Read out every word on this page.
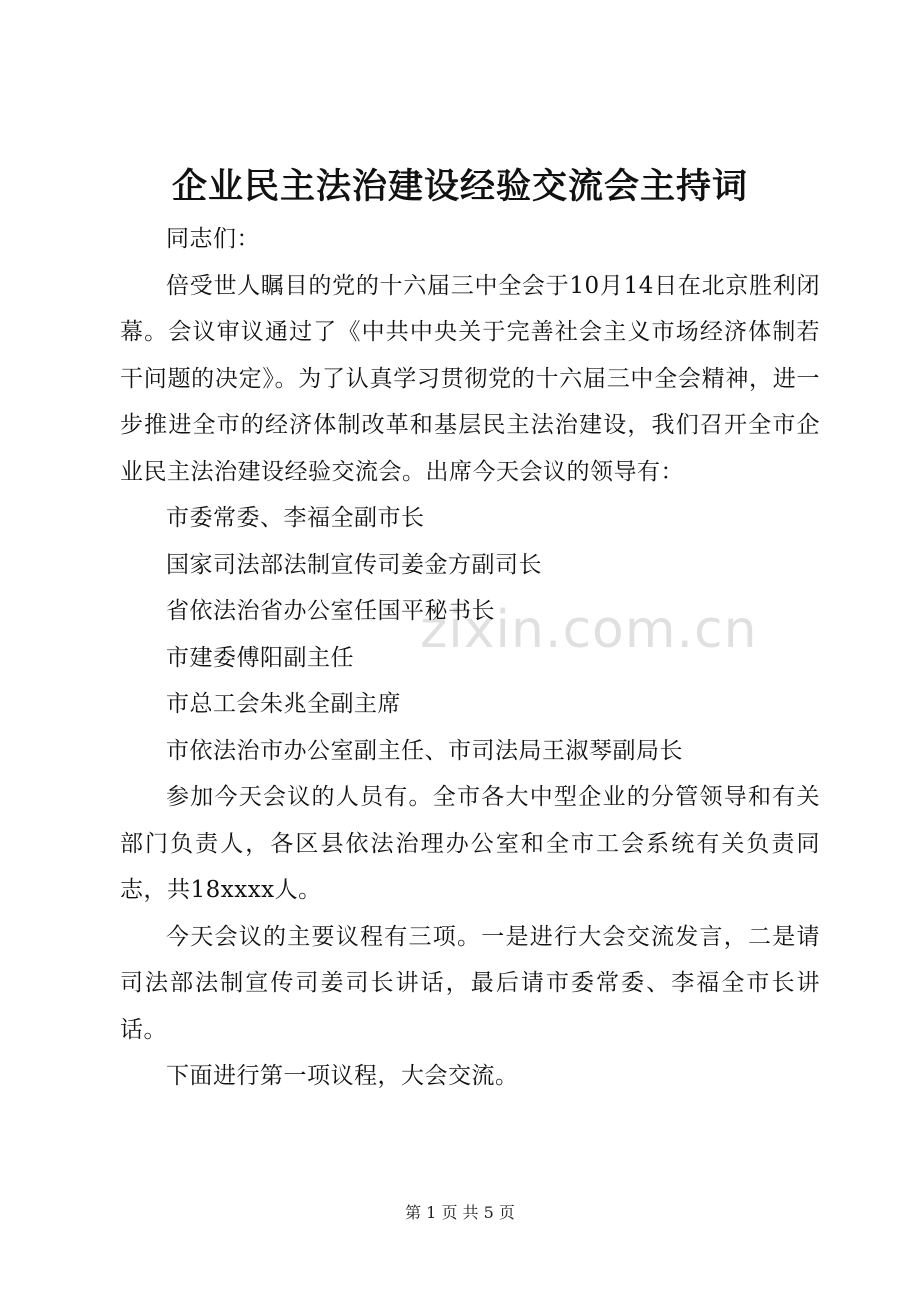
企业民主法治建设经验交流会主持词

同志们：

倍受世人瞩目的党的十六届三中全会于10月14日在北京胜利闭幕。会议审议通过了《中共中央关于完善社会主义市场经济体制若干问题的决定》。为了认真学习贯彻党的十六届三中全会精神，进一步推进全市的经济体制改革和基层民主法治建设，我们召开全市企业民主法治建设经验交流会。出席今天会议的领导有：

市委常委、李福全副市长

国家司法部法制宣传司姜金方副司长

省依法治省办公室任国平秘书长

市建委傅阳副主任

市总工会朱兆全副主席

市依法治市办公室副主任、市司法局王淑琴副局长

参加今天会议的人员有。全市各大中型企业的分管领导和有关部门负责人，各区县依法治理办公室和全市工会系统有关负责同志，共18xxxx人。

今天会议的主要议程有三项。一是进行大会交流发言，二是请司法部法制宣传司姜司长讲话，最后请市委常委、李福全市长讲话。

下面进行第一项议程，大会交流。

zixin.com.cn
第 1 页 共 5 页
